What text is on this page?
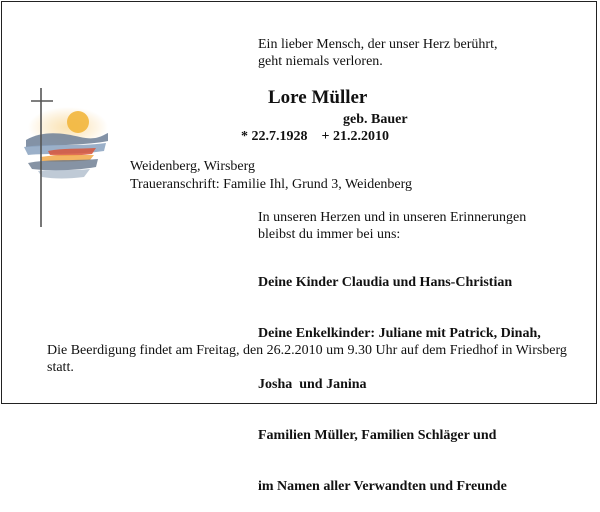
Ein lieber Mensch, der unser Herz berührt,
geht niemals verloren.
Lore Müller
geb. Bauer
* 22.7.1928    + 21.2.2010
Weidenberg, Wirsberg
Traueranschrift: Familie Ihl, Grund 3, Weidenberg
In unseren Herzen und in unseren Erinnerungen
bleibst du immer bei uns:

Deine Kinder Claudia und Hans-Christian

Deine Enkelkinder: Juliane mit Patrick, Dinah,

Josha  und Janina

Familien Müller, Familien Schläger und

im Namen aller Verwandten und Freunde

Die Beerdigung findet am Freitag, den 26.2.2010 um 9.30 Uhr auf dem Friedhof in Wirsberg
statt.
